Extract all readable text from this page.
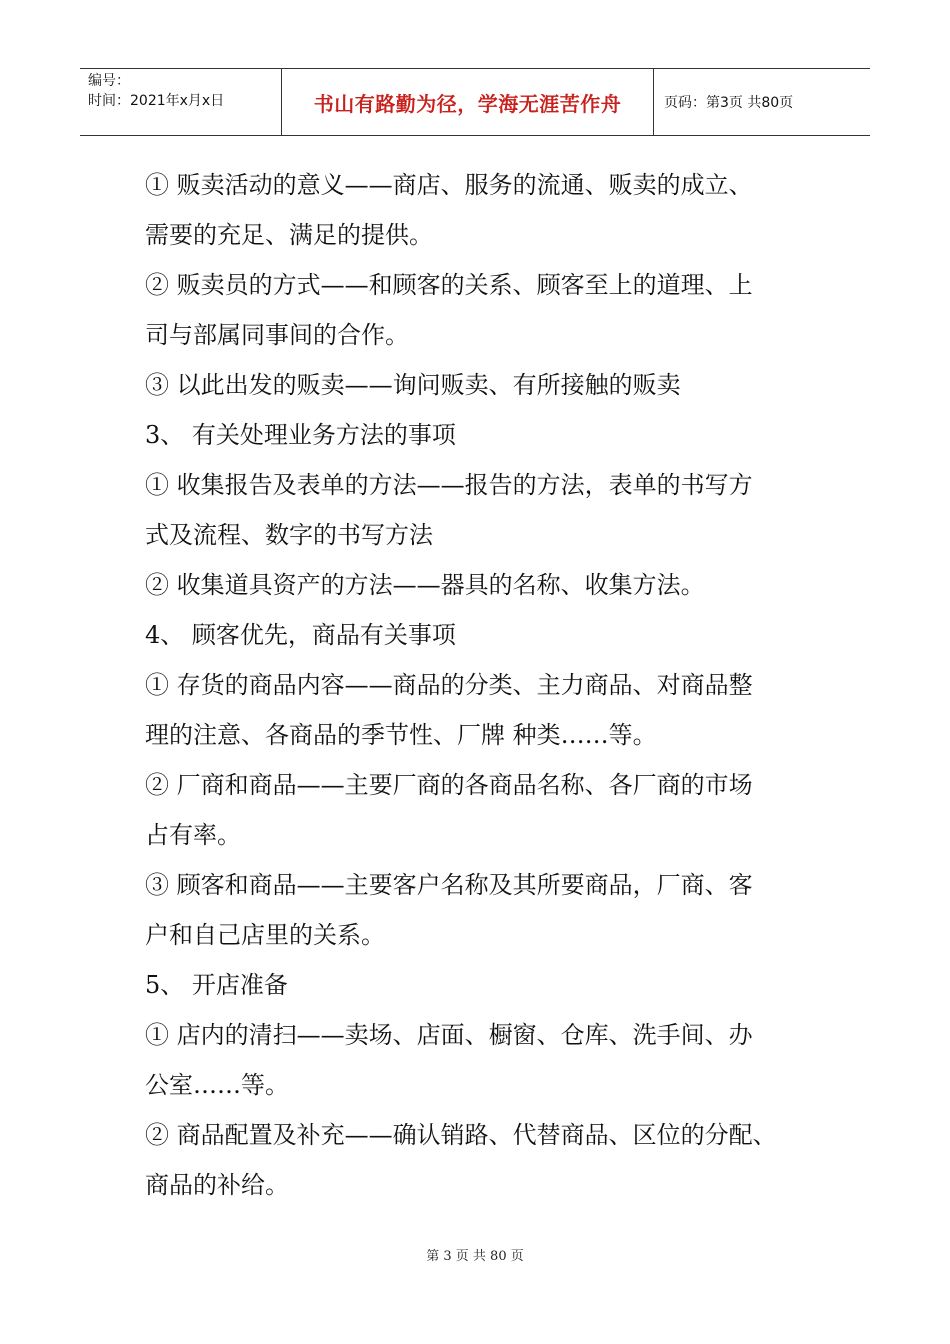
编号：
时间：2021年x月x日	书山有路勤为径，学海无涯苦作舟	页码：第3页 共80页
① 贩卖活动的意义——商店、服务的流通、贩卖的成立、
需要的充足、满足的提供。
② 贩卖员的方式——和顾客的关系、顾客至上的道理、上
司与部属同事间的合作。
③ 以此出发的贩卖——询问贩卖、有所接触的贩卖
3、 有关处理业务方法的事项
① 收集报告及表单的方法——报告的方法，表单的书写方
式及流程、数字的书写方法
② 收集道具资产的方法——器具的名称、收集方法。
4、 顾客优先，商品有关事项
① 存货的商品内容——商品的分类、主力商品、对商品整
理的注意、各商品的季节性、厂牌 种类……等。
② 厂商和商品——主要厂商的各商品名称、各厂商的市场
占有率。
③ 顾客和商品——主要客户名称及其所要商品，厂商、客
户和自己店里的关系。
5、 开店准备
① 店内的清扫——卖场、店面、橱窗、仓库、洗手间、办
公室……等。
② 商品配置及补充——确认销路、代替商品、区位的分配、
商品的补给。
第 3 页 共 80 页
